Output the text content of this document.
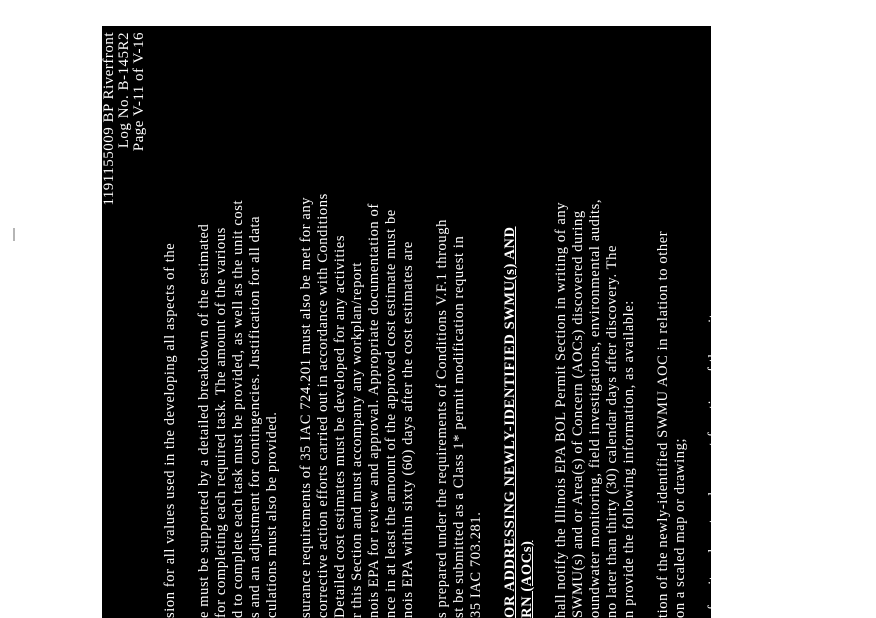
1191155009 BP Riverfront Log No. B-145R2 Page V-11 of V-16
sion for all values used in the developing all aspects of the e must be supported by a detailed breakdown of the estimated for completing each required task. The amount of the various d to complete each task must be provided, as well as the unit cost s and an adjustment for contingencies. Justification for all data culations must also be provided. surance requirements of 35 IAC 724.201 must also be met for any corrective action efforts carried out in accordance with Conditions Detailed cost estimates must be developed for any activities r this Section and must accompany any workplan/report nois EPA for review and approval. Appropriate documentation of nce in at least the amount of the approved cost estimate must be nois EPA within sixty (60) days after the cost estimates are s prepared under the requirements of Conditions V.F.1 through st be submitted as a Class 1* permit modification request in 35 IAC 703.281. OR ADDRESSING NEWLY-IDENTIFIED SWMU(s) AND RN (AOCs) hall notify the Illinois EPA BOL Permit Section in writing of any SWMU(s) and or Area(s) of Concern (AOCs) discovered during oundwater monitoring, field investigations, environmental audits, no later than thirty (30) calendar days after discovery. The n provide the following information, as available: tion of the newly-identified SWMU AOC in relation to other on a scaled map or drawing; of unit and past and present function of the unit; ural dimensions, capacities, and structural description of the unit e drawings and specifications provided); od during which the unit was operated; cifics on all materials, including but not limited to, wastes and us constituents, that have been or are being managed at the AOC, to the extent available; and
